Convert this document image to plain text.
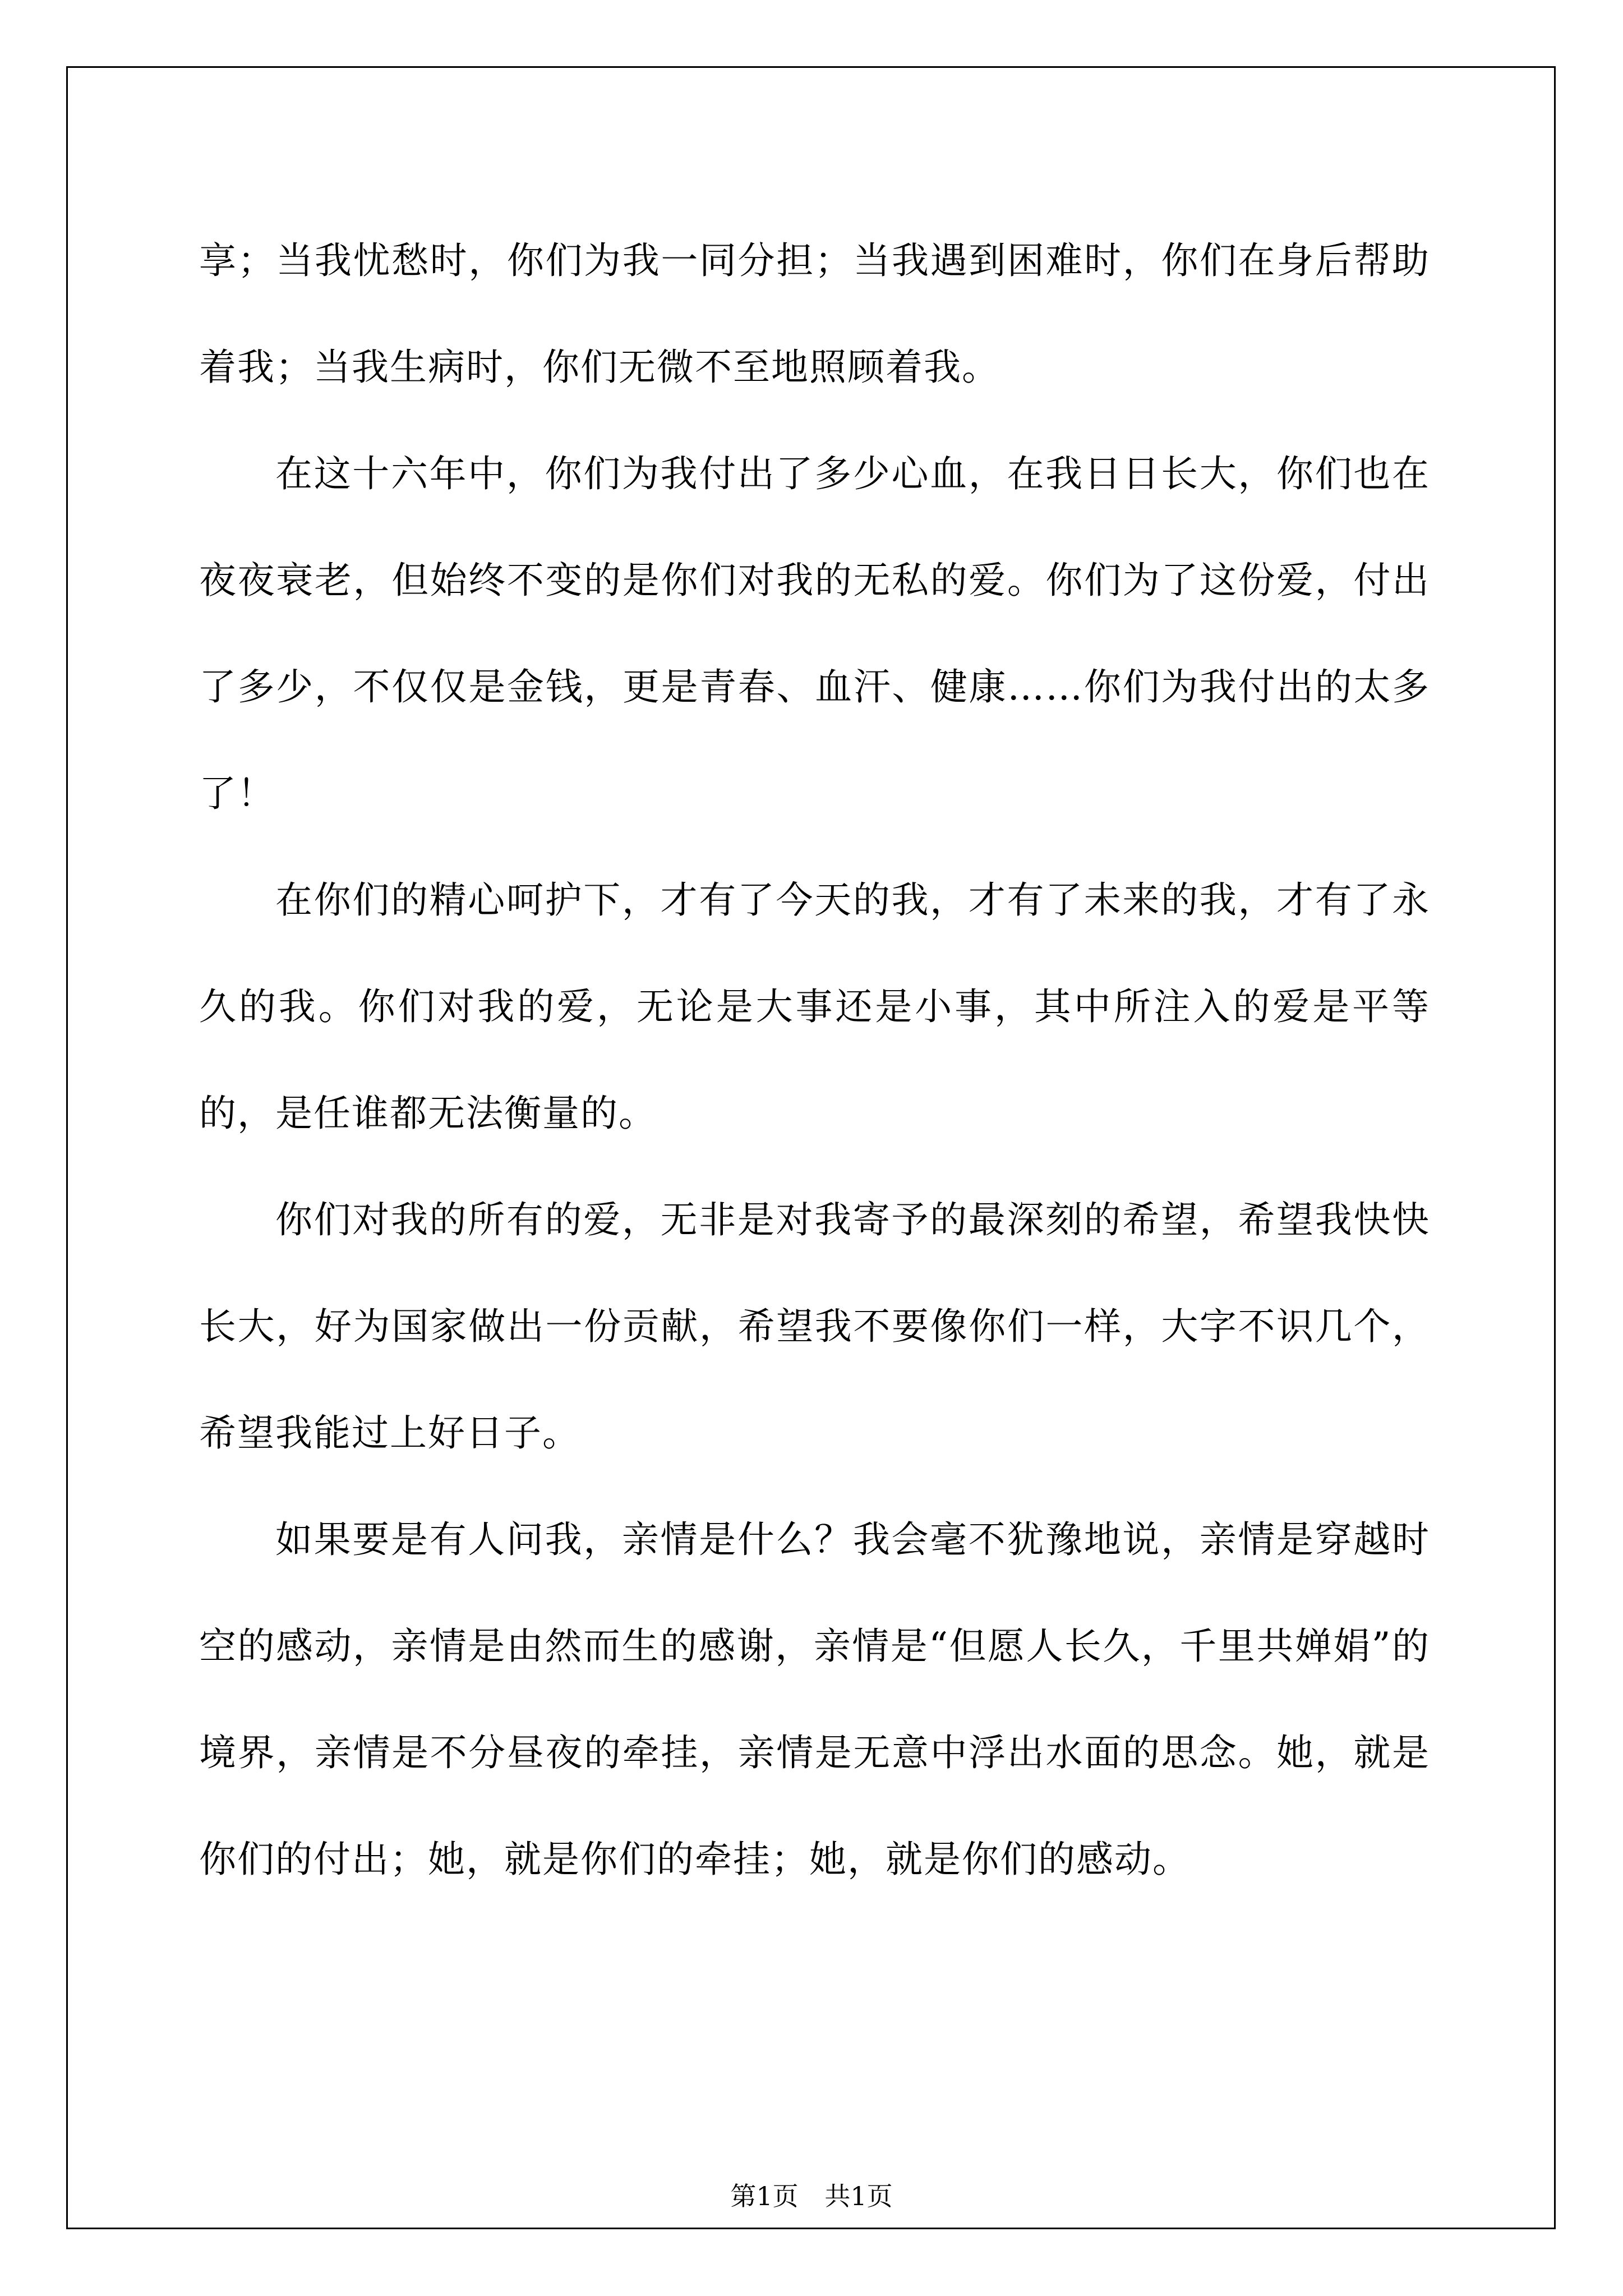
享；当我忧愁时，你们为我一同分担；当我遇到困难时，你们在身后帮助着我；当我生病时，你们无微不至地照顾着我。

在这十六年中，你们为我付出了多少心血，在我日日长大，你们也在夜夜衰老，但始终不变的是你们对我的无私的爱。你们为了这份爱，付出了多少，不仅仅是金钱，更是青春、血汗、健康……你们为我付出的太多了！

在你们的精心呵护下，才有了今天的我，才有了未来的我，才有了永久的我。你们对我的爱，无论是大事还是小事，其中所注入的爱是平等的，是任谁都无法衡量的。

你们对我的所有的爱，无非是对我寄予的最深刻的希望，希望我快快长大，好为国家做出一份贡献，希望我不要像你们一样，大字不识几个，希望我能过上好日子。

如果要是有人问我，亲情是什么？我会毫不犹豫地说，亲情是穿越时空的感动，亲情是由然而生的感谢，亲情是“但愿人长久，千里共婵娟”的境界，亲情是不分昼夜的牵挂，亲情是无意中浮出水面的思念。她，就是你们的付出；她，就是你们的牵挂；她，就是你们的感动。

第1页 共1页
